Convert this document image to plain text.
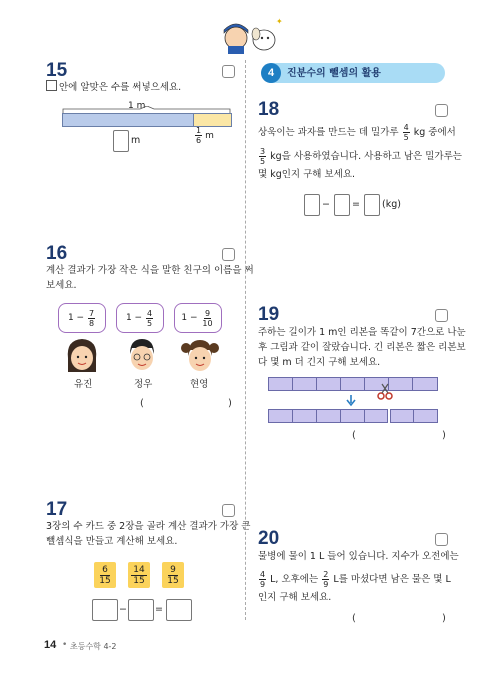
✦
15
안에 알맞은 수를 써넣으세요.
1 m
$\frac{1}{6}$ m
m
16
계산 결과가 가장 작은 식을 말한 친구의 이름을 써
보세요.
$1 - \frac{7}{8}$	$1 - \frac{4}{5}$	$1 - \frac{9}{10}$
유진	정우	현영
(	)
17
3장의 수 카드 중 2장을 골라 계산 결과가 가장 큰
뺄셈식을 만들고 계산해 보세요.
6
15
14
15
9
15
−	=
4 진분수의 뺄셈의 활용
18
상욱이는 과자를 만드는 데 밀가루
$\frac{4}{5}$
kg 중에서
$\frac{3}{5}$
kg을 사용하였습니다. 사용하고 남은 밀가루는
몇 kg인지 구해 보세요.
− = (kg)
19
주하는 길이가 1 m인 리본을 똑같이 7간으로 나눈
후 그림과 같이 잘랐습니다. 긴 리본은 짧은 리본보
다 몇 m 더 긴지 구해 보세요.
(	)
20
물병에 물이 1 L 들어 있습니다. 지수가 오전에는
$\frac{4}{9}$
L, 오후에는
$\frac{2}{9}$
L를 마셨다면 남은 물은 몇 L
인지 구해 보세요.
(	)
14 • 초등수학 4-2
